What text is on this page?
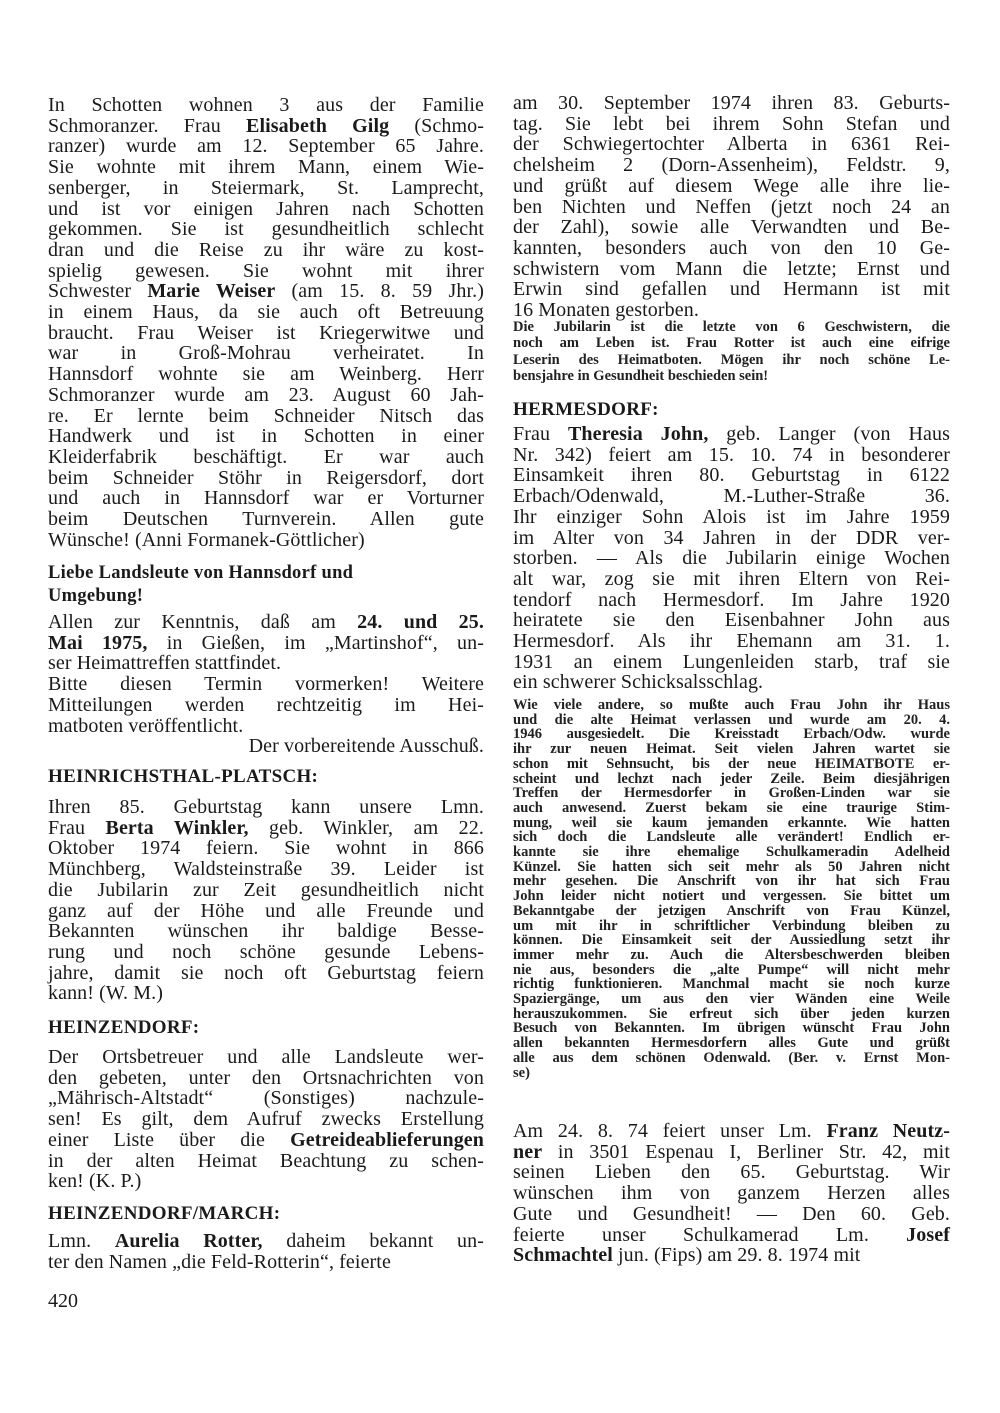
In Schotten wohnen 3 aus der Familie
Schmoranzer. Frau Elisabeth Gilg (Schmo-
ranzer) wurde am 12. September 65 Jahre.
Sie wohnte mit ihrem Mann, einem Wie-
senberger, in Steiermark, St. Lamprecht,
und ist vor einigen Jahren nach Schotten
gekommen. Sie ist gesundheitlich schlecht
dran und die Reise zu ihr wäre zu kost-
spielig gewesen. Sie wohnt mit ihrer
Schwester Marie Weiser (am 15. 8. 59 Jhr.)
in einem Haus, da sie auch oft Betreuung
braucht. Frau Weiser ist Kriegerwitwe und
war in Groß-Mohrau verheiratet. In
Hannsdorf wohnte sie am Weinberg. Herr
Schmoranzer wurde am 23. August 60 Jah-
re. Er lernte beim Schneider Nitsch das
Handwerk und ist in Schotten in einer
Kleiderfabrik beschäftigt. Er war auch
beim Schneider Stöhr in Reigersdorf, dort
und auch in Hannsdorf war er Vorturner
beim Deutschen Turnverein. Allen gute
Wünsche! (Anni Formanek-Göttlicher)
Liebe Landsleute von Hannsdorf und
Umgebung!
Allen zur Kenntnis, daß am 24. und 25.
Mai 1975, in Gießen, im „Martinshof“, un-
ser Heimattreffen stattfindet.
Bitte diesen Termin vormerken! Weitere
Mitteilungen werden rechtzeitig im Hei-
matboten veröffentlicht.
Der vorbereitende Ausschuß.
HEINRICHSTHAL-PLATSCH:
Ihren 85. Geburtstag kann unsere Lmn.
Frau Berta Winkler, geb. Winkler, am 22.
Oktober 1974 feiern. Sie wohnt in 866
Münchberg, Waldsteinstraße 39. Leider ist
die Jubilarin zur Zeit gesundheitlich nicht
ganz auf der Höhe und alle Freunde und
Bekannten wünschen ihr baldige Besse-
rung und noch schöne gesunde Lebens-
jahre, damit sie noch oft Geburtstag feiern
kann! (W. M.)
HEINZENDORF:
Der Ortsbetreuer und alle Landsleute wer-
den gebeten, unter den Ortsnachrichten von
„Mährisch-Altstadt“ (Sonstiges) nachzule-
sen! Es gilt, dem Aufruf zwecks Erstellung
einer Liste über die Getreideablieferungen
in der alten Heimat Beachtung zu schen-
ken! (K. P.)
HEINZENDORF/MARCH:
Lmn. Aurelia Rotter, daheim bekannt un-
ter den Namen „die Feld-Rotterin“, feierte
am 30. September 1974 ihren 83. Geburts-
tag. Sie lebt bei ihrem Sohn Stefan und
der Schwiegertochter Alberta in 6361 Rei-
chelsheim 2 (Dorn-Assenheim), Feldstr. 9,
und grüßt auf diesem Wege alle ihre lie-
ben Nichten und Neffen (jetzt noch 24 an
der Zahl), sowie alle Verwandten und Be-
kannten, besonders auch von den 10 Ge-
schwistern vom Mann die letzte; Ernst und
Erwin sind gefallen und Hermann ist mit
16 Monaten gestorben.
Die Jubilarin ist die letzte von 6 Geschwistern, die
noch am Leben ist. Frau Rotter ist auch eine eifrige
Leserin des Heimatboten. Mögen ihr noch schöne Le-
bensjahre in Gesundheit beschieden sein!
HERMESDORF:
Frau Theresia John, geb. Langer (von Haus
Nr. 342) feiert am 15. 10. 74 in besonderer
Einsamkeit ihren 80. Geburtstag in 6122
Erbach/Odenwald, M.-Luther-Straße 36.
Ihr einziger Sohn Alois ist im Jahre 1959
im Alter von 34 Jahren in der DDR ver-
storben. — Als die Jubilarin einige Wochen
alt war, zog sie mit ihren Eltern von Rei-
tendorf nach Hermesdorf. Im Jahre 1920
heiratete sie den Eisenbahner John aus
Hermesdorf. Als ihr Ehemann am 31. 1.
1931 an einem Lungenleiden starb, traf sie
ein schwerer Schicksalsschlag.
Wie viele andere, so mußte auch Frau John ihr Haus
und die alte Heimat verlassen und wurde am 20. 4.
1946 ausgesiedelt. Die Kreisstadt Erbach/Odw. wurde
ihr zur neuen Heimat. Seit vielen Jahren wartet sie
schon mit Sehnsucht, bis der neue HEIMATBOTE er-
scheint und lechzt nach jeder Zeile. Beim diesjährigen
Treffen der Hermesdorfer in Großen-Linden war sie
auch anwesend. Zuerst bekam sie eine traurige Stim-
mung, weil sie kaum jemanden erkannte. Wie hatten
sich doch die Landsleute alle verändert! Endlich er-
kannte sie ihre ehemalige Schulkameradin Adelheid
Künzel. Sie hatten sich seit mehr als 50 Jahren nicht
mehr gesehen. Die Anschrift von ihr hat sich Frau
John leider nicht notiert und vergessen. Sie bittet um
Bekanntgabe der jetzigen Anschrift von Frau Künzel,
um mit ihr in schriftlicher Verbindung bleiben zu
können. Die Einsamkeit seit der Aussiedlung setzt ihr
immer mehr zu. Auch die Altersbeschwerden bleiben
nie aus, besonders die „alte Pumpe“ will nicht mehr
richtig funktionieren. Manchmal macht sie noch kurze
Spaziergänge, um aus den vier Wänden eine Weile
herauszukommen. Sie erfreut sich über jeden kurzen
Besuch von Bekannten. Im übrigen wünscht Frau John
allen bekannten Hermesdorfern alles Gute und grüßt
alle aus dem schönen Odenwald. (Ber. v. Ernst Mon-
se)
Am 24. 8. 74 feiert unser Lm. Franz Neutz-
ner in 3501 Espenau I, Berliner Str. 42, mit
seinen Lieben den 65. Geburtstag. Wir
wünschen ihm von ganzem Herzen alles
Gute und Gesundheit! — Den 60. Geb.
feierte unser Schulkamerad Lm. Josef
Schmachtel jun. (Fips) am 29. 8. 1974 mit
420
